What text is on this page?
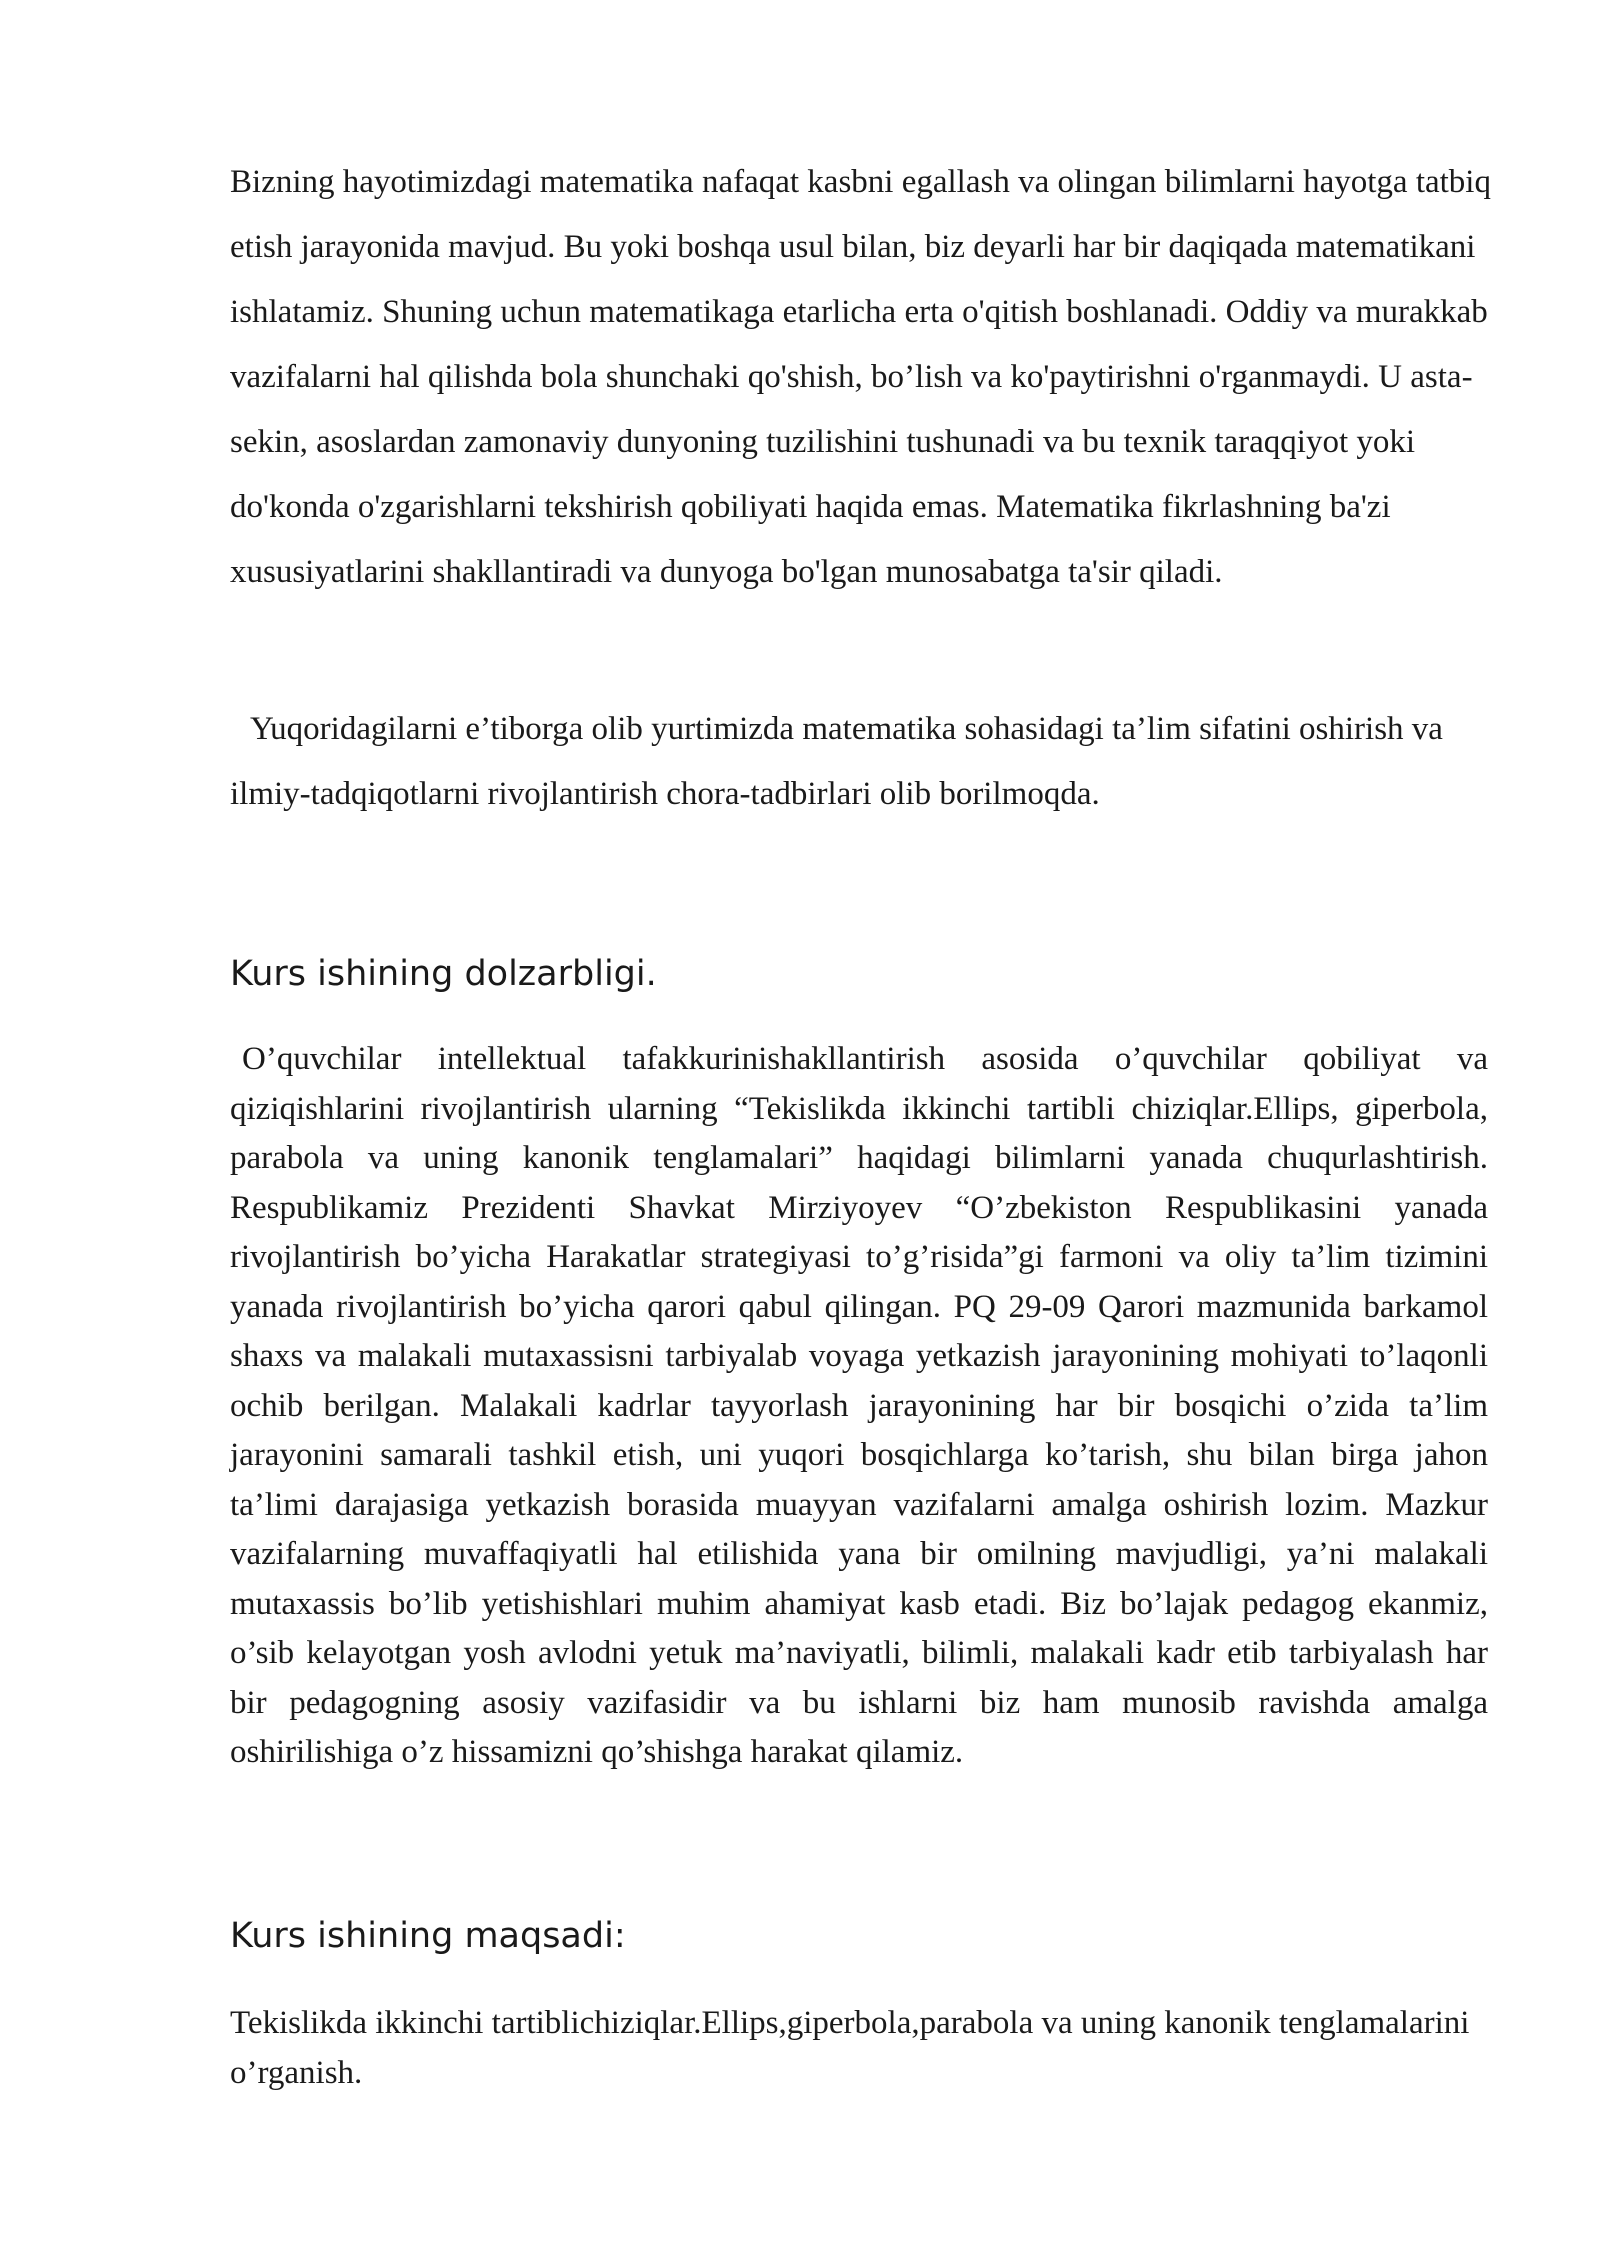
Bizning hayotimizdagi matematika nafaqat kasbni egallash va olingan bilimlarni hayotga tatbiq etish jarayonida mavjud. Bu yoki boshqa usul bilan, biz deyarli har bir daqiqada matematikani ishlatamiz. Shuning uchun matematikaga etarlicha erta o'qitish boshlanadi. Oddiy va murakkab vazifalarni hal qilishda bola shunchaki qo'shish, bo’lish va ko'paytirishni o'rganmaydi. U asta-sekin, asoslardan zamonaviy dunyoning tuzilishini tushunadi va bu texnik taraqqiyot yoki do'konda o'zgarishlarni tekshirish qobiliyati haqida emas. Matematika fikrlashning ba'zi xususiyatlarini shakllantiradi va dunyoga bo'lgan munosabatga ta'sir qiladi.

Yuqoridagilarni e’tiborga olib yurtimizda matematika sohasidagi ta’lim sifatini oshirish va ilmiy-tadqiqotlarni rivojlantirish chora-tadbirlari olib borilmoqda.

Kurs ishining dolzarbligi.

O’quvchilar intellektual tafakkurinishakllantirish asosida o’quvchilar qobiliyat va qiziqishlarini rivojlantirish ularning “Tekislikda ikkinchi tartibli chiziqlar.Ellips, giperbola, parabola va uning kanonik tenglamalari” haqidagi bilimlarni yanada chuqurlashtirish. Respublikamiz Prezidenti Shavkat Mirziyoyev “O’zbekiston Respublikasini yanada rivojlantirish bo’yicha Harakatlar strategiyasi to’g’risida”gi farmoni va oliy ta’lim tizimini yanada rivojlantirish bo’yicha qarori qabul qilingan. PQ 29-09 Qarori mazmunida barkamol shaxs va malakali mutaxassisni tarbiyalab voyaga yetkazish jarayonining mohiyati to’laqonli ochib berilgan. Malakali kadrlar tayyorlash jarayonining har bir bosqichi o’zida ta’lim jarayonini samarali tashkil etish, uni yuqori bosqichlarga ko’tarish, shu bilan birga jahon ta’limi darajasiga yetkazish borasida muayyan vazifalarni amalga oshirish lozim. Mazkur vazifalarning muvaffaqiyatli hal etilishida yana bir omilning mavjudligi, ya’ni malakali mutaxassis bo’lib yetishishlari muhim ahamiyat kasb etadi. Biz bo’lajak pedagog ekanmiz, o’sib kelayotgan yosh avlodni yetuk ma’naviyatli, bilimli, malakali kadr etib tarbiyalash har bir pedagogning asosiy vazifasidir va bu ishlarni biz ham munosib ravishda amalga oshirilishiga o’z hissamizni qo’shishga harakat qilamiz.

Kurs ishining maqsadi:

Tekislikda ikkinchi tartiblichiziqlar.Ellips,giperbola,parabola va uning kanonik tenglamalarini o’rganish.
